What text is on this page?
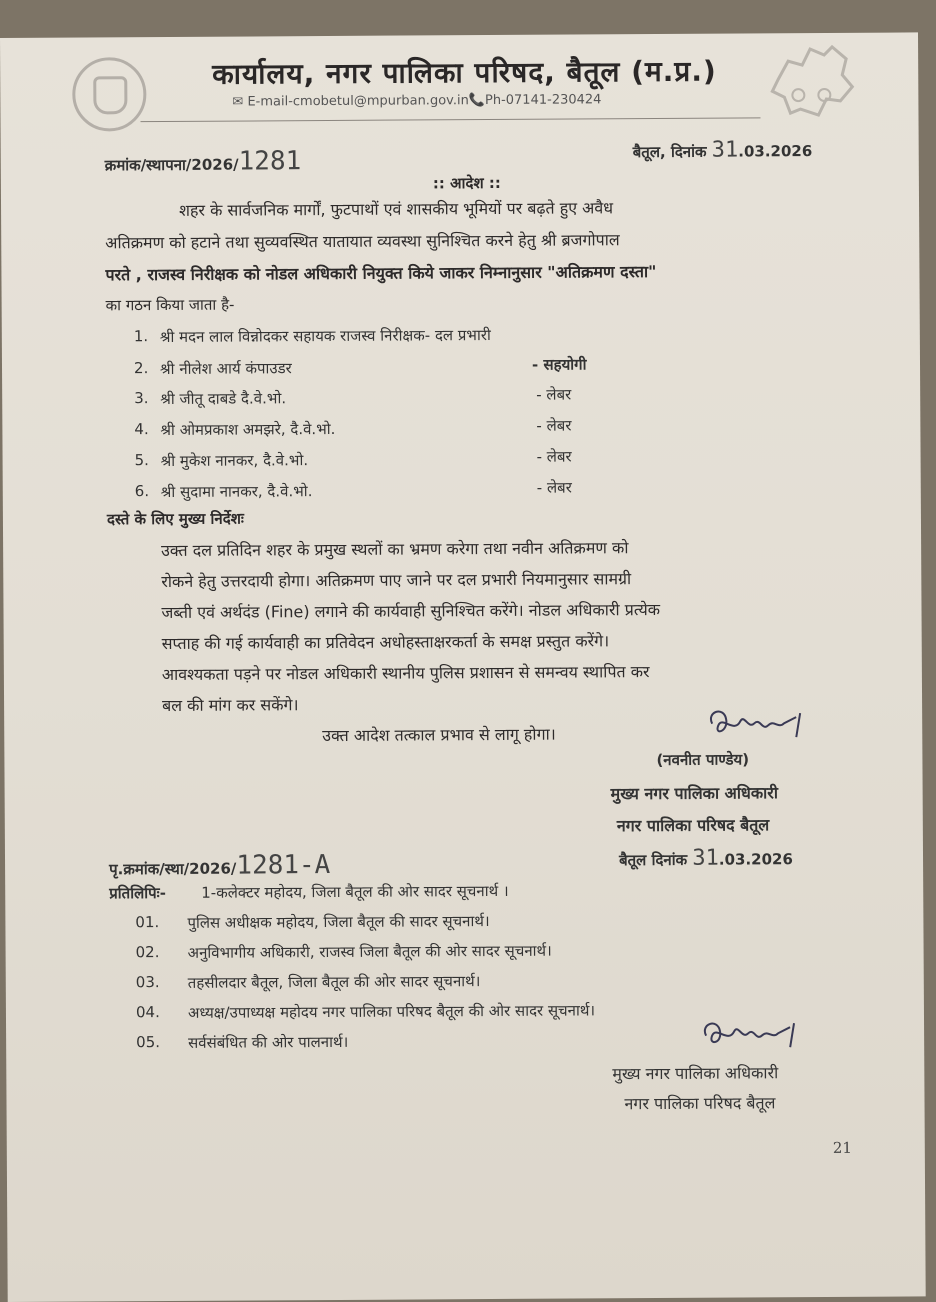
कार्यालय, नगर पालिका परिषद, बैतूल (म.प्र.)
✉ E-mail-cmobetul@mpurban.gov.in📞Ph-07141-230424
क्रमांक/स्थापना/2026/1281	बैतूल, दिनांक 31.03.2026
:: आदेश ::
शहर के सार्वजनिक मार्गों, फुटपाथों एवं शासकीय भूमियों पर बढ़ते हुए अवैध
अतिक्रमण को हटाने तथा सुव्यवस्थित यातायात व्यवस्था सुनिश्चित करने हेतु श्री ब्रजगोपाल
परते , राजस्व निरीक्षक को नोडल अधिकारी नियुक्त किये जाकर निम्नानुसार "अतिक्रमण दस्ता"
का गठन किया जाता है-
1. श्री मदन लाल विन्नोदकर सहायक राजस्व निरीक्षक- दल प्रभारी
2. श्री नीलेश आर्य कंपाउडर	- सहयोगी
3. श्री जीतू दाबडे दै.वे.भो.	- लेबर
4. श्री ओमप्रकाश अमझरे, दै.वे.भो.	- लेबर
5. श्री मुकेश नानकर, दै.वे.भो.	- लेबर
6. श्री सुदामा नानकर, दै.वे.भो.	- लेबर
दस्ते के लिए मुख्य निर्देशः
उक्त दल प्रतिदिन शहर के प्रमुख स्थलों का भ्रमण करेगा तथा नवीन अतिक्रमण को
रोकने हेतु उत्तरदायी होगा। अतिक्रमण पाए जाने पर दल प्रभारी नियमानुसार सामग्री
जब्ती एवं अर्थदंड (Fine) लगाने की कार्यवाही सुनिश्चित करेंगे। नोडल अधिकारी प्रत्येक
सप्ताह की गई कार्यवाही का प्रतिवेदन अधोहस्ताक्षरकर्ता के समक्ष प्रस्तुत करेंगे।
आवश्यकता पड़ने पर नोडल अधिकारी स्थानीय पुलिस प्रशासन से समन्वय स्थापित कर
बल की मांग कर सकेंगे।
उक्त आदेश तत्काल प्रभाव से लागू होगा।
(नवनीत पाण्डेय)
मुख्य नगर पालिका अधिकारी
नगर पालिका परिषद बैतूल
पृ.क्रमांक/स्था/2026/1281-A	बैतूल दिनांक 31.03.2026
प्रतिलिपिः- 1-कलेक्टर महोदय, जिला बैतूल की ओर सादर सूचनार्थ ।
01. पुलिस अधीक्षक महोदय, जिला बैतूल की सादर सूचनार्थ।
02. अनुविभागीय अधिकारी, राजस्व जिला बैतूल की ओर सादर सूचनार्थ।
03. तहसीलदार बैतूल, जिला बैतूल की ओर सादर सूचनार्थ।
04. अध्यक्ष/उपाध्यक्ष महोदय नगर पालिका परिषद बैतूल की ओर सादर सूचनार्थ।
05. सर्वसंबंधित की ओर पालनार्थ।
मुख्य नगर पालिका अधिकारी
नगर पालिका परिषद बैतूल
21
